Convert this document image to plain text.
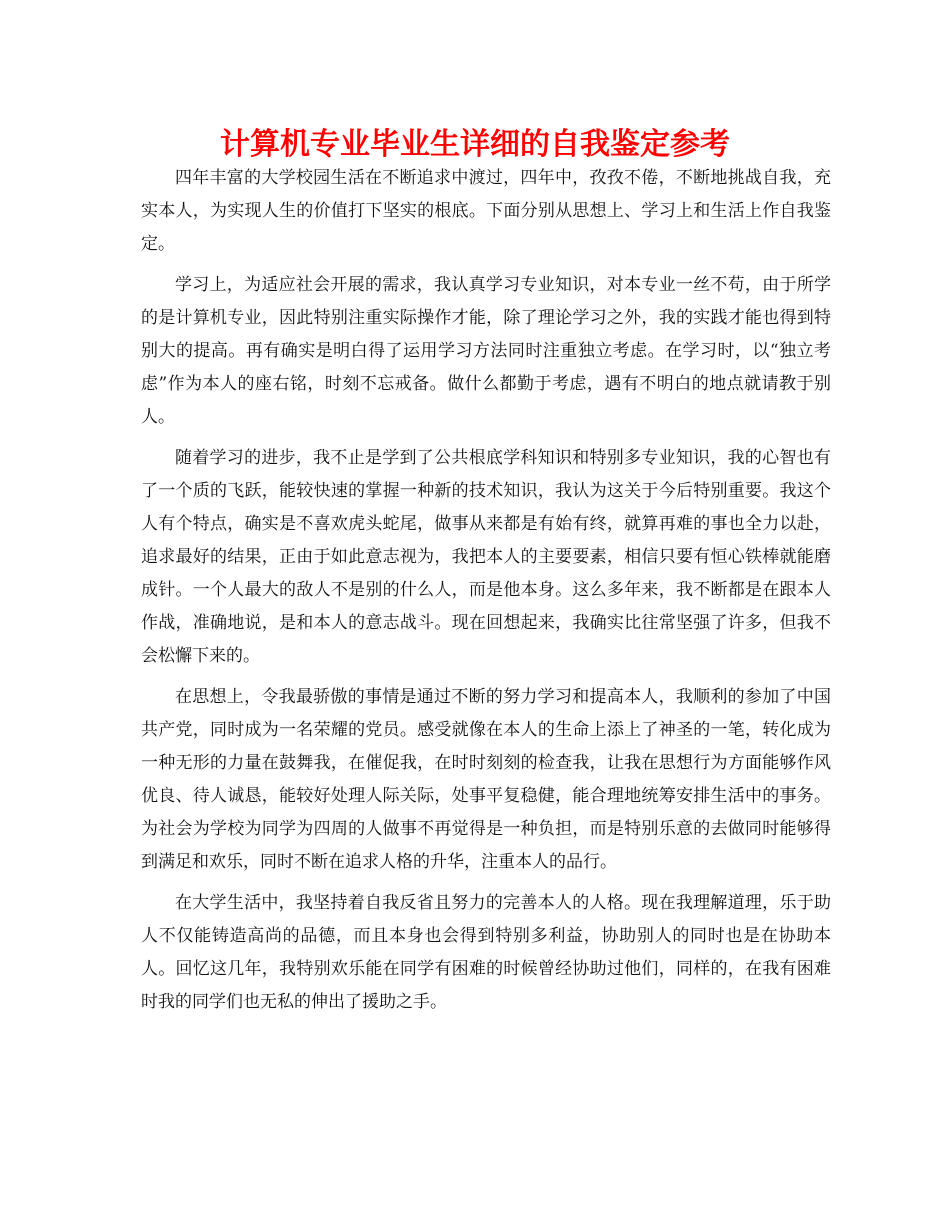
计算机专业毕业生详细的自我鉴定参考

四年丰富的大学校园生活在不断追求中渡过，四年中，孜孜不倦，不断地挑战自我，充实本人，为实现人生的价值打下坚实的根底。下面分别从思想上、学习上和生活上作自我鉴定。

学习上，为适应社会开展的需求，我认真学习专业知识，对本专业一丝不苟，由于所学的是计算机专业，因此特别注重实际操作才能，除了理论学习之外，我的实践才能也得到特别大的提高。再有确实是明白得了运用学习方法同时注重独立考虑。在学习时，以“独立考虑”作为本人的座右铭，时刻不忘戒备。做什么都勤于考虑，遇有不明白的地点就请教于别人。

随着学习的进步，我不止是学到了公共根底学科知识和特别多专业知识，我的心智也有了一个质的飞跃，能较快速的掌握一种新的技术知识，我认为这关于今后特别重要。我这个人有个特点，确实是不喜欢虎头蛇尾，做事从来都是有始有终，就算再难的事也全力以赴，追求最好的结果，正由于如此意志视为，我把本人的主要要素，相信只要有恒心铁棒就能磨成针。一个人最大的敌人不是别的什么人，而是他本身。这么多年来，我不断都是在跟本人作战，准确地说，是和本人的意志战斗。现在回想起来，我确实比往常坚强了许多，但我不会松懈下来的。

在思想上，令我最骄傲的事情是通过不断的努力学习和提高本人，我顺利的参加了中国共产党，同时成为一名荣耀的党员。感受就像在本人的生命上添上了神圣的一笔，转化成为一种无形的力量在鼓舞我，在催促我，在时时刻刻的检查我，让我在思想行为方面能够作风优良、待人诚恳，能较好处理人际关际，处事平复稳健，能合理地统筹安排生活中的事务。为社会为学校为同学为四周的人做事不再觉得是一种负担，而是特别乐意的去做同时能够得到满足和欢乐，同时不断在追求人格的升华，注重本人的品行。

在大学生活中，我坚持着自我反省且努力的完善本人的人格。现在我理解道理，乐于助人不仅能铸造高尚的品德，而且本身也会得到特别多利益，协助别人的同时也是在协助本人。回忆这几年，我特别欢乐能在同学有困难的时候曾经协助过他们，同样的，在我有困难时我的同学们也无私的伸出了援助之手。
